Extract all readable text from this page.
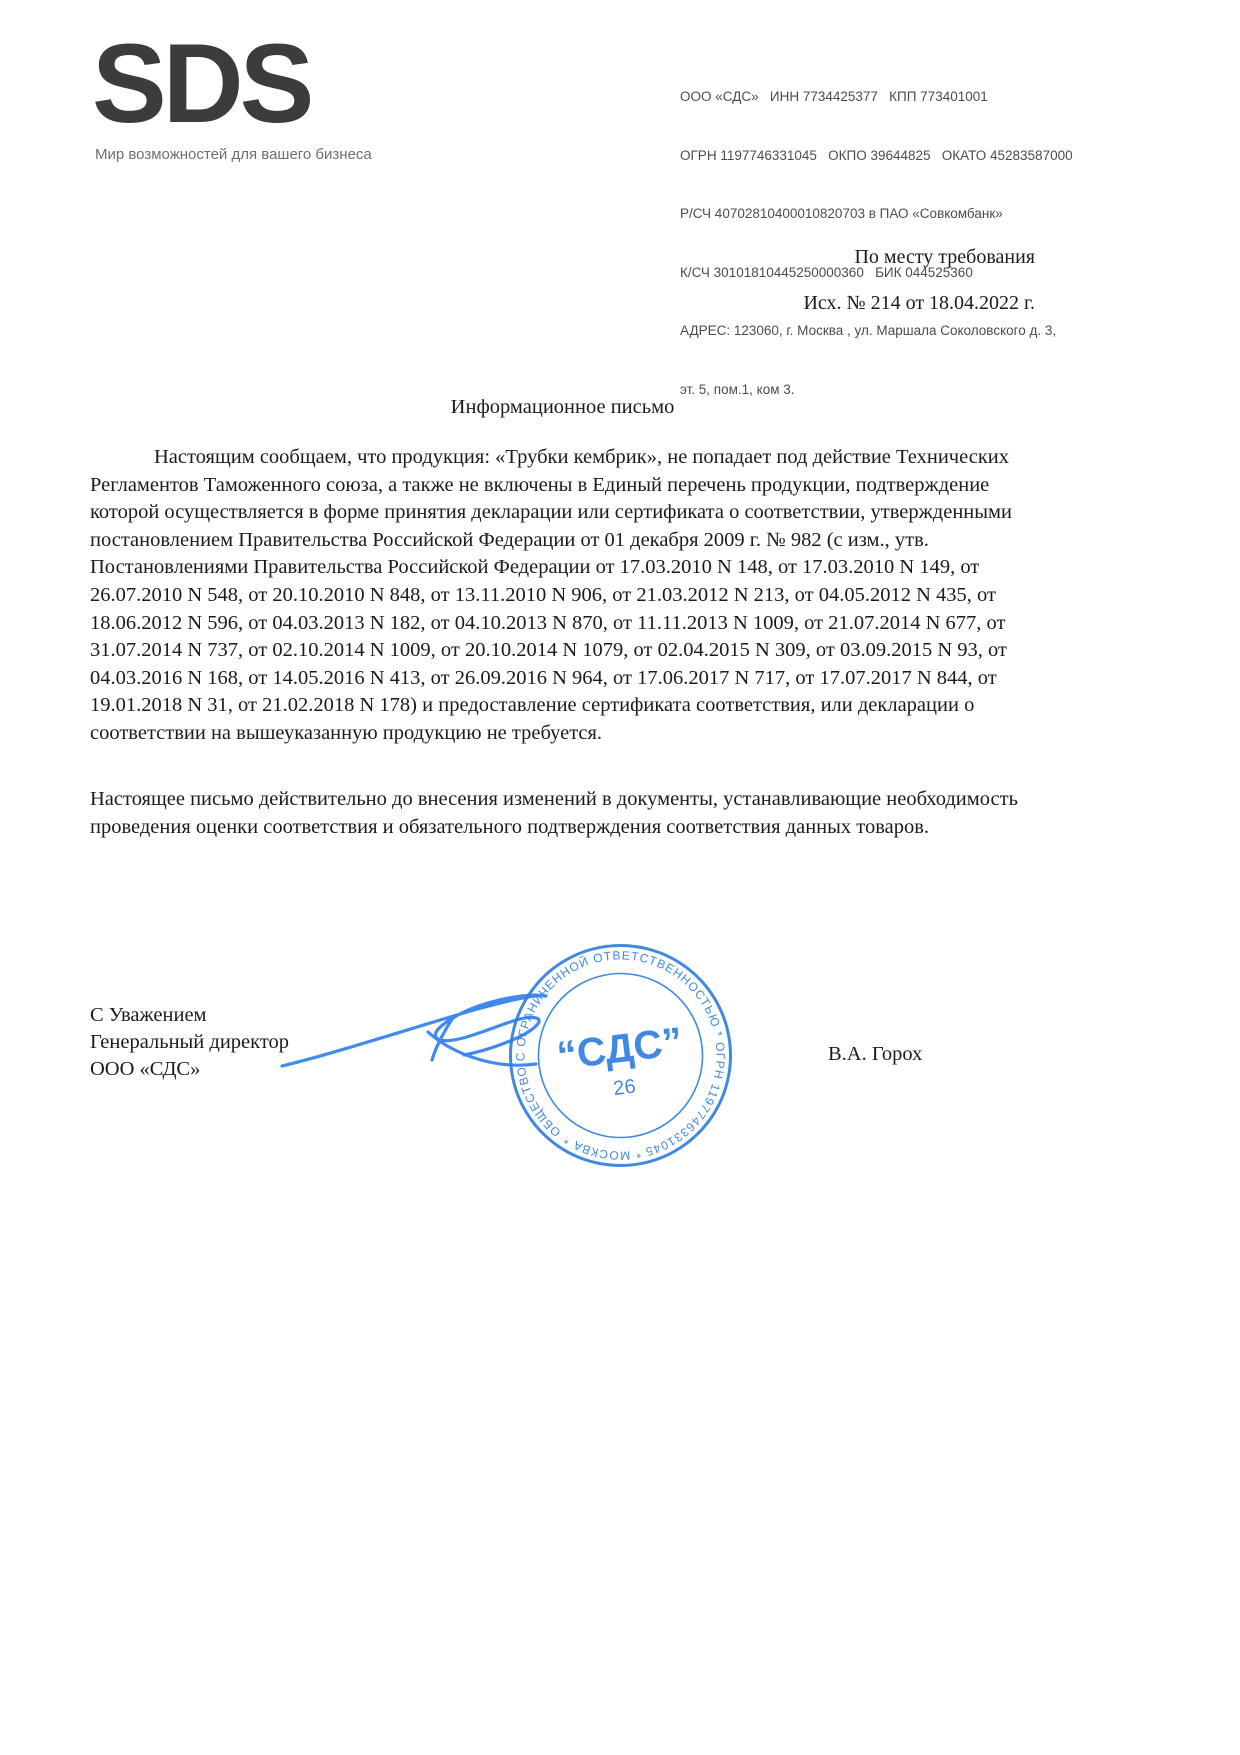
SDS
Мир возможностей для вашего бизнеса

ООО «СДС»   ИНН 7734425377   КПП 773401001

ОГРН 1197746331045   ОКПО 39644825   ОКАТО 45283587000

Р/СЧ 40702810400010820703 в ПАО «Совкомбанк»

К/СЧ 30101810445250000360   БИК 044525360

АДРЕС: 123060, г. Москва , ул. Маршала Соколовского д. 3,

эт. 5, пом.1, ком 3.

По месту требования
Исх. № 214 от 18.04.2022 г.
Информационное письмо
Настоящим сообщаем, что продукция: «Трубки кембрик», не попадает под действие Технических Регламентов Таможенного союза, а также не включены в Единый перечень продукции, подтверждение которой осуществляется в форме принятия декларации или сертификата о соответствии, утвержденными постановлением Правительства Российской Федерации от 01 декабря 2009 г. № 982 (с изм., утв. Постановлениями Правительства Российской Федерации от 17.03.2010 N 148, от 17.03.2010 N 149, от 26.07.2010 N 548, от 20.10.2010 N 848, от 13.11.2010 N 906, от 21.03.2012 N 213, от 04.05.2012 N 435, от 18.06.2012 N 596, от 04.03.2013 N 182, от 04.10.2013 N 870, от 11.11.2013 N 1009, от 21.07.2014 N 677, от 31.07.2014 N 737, от 02.10.2014 N 1009, от 20.10.2014 N 1079, от 02.04.2015 N 309, от 03.09.2015 N 93, от 04.03.2016 N 168, от 14.05.2016 N 413, от 26.09.2016 N 964, от 17.06.2017 N 717, от 17.07.2017 N 844, от 19.01.2018 N 31, от 21.02.2018 N 178) и предоставление сертификата соответствия, или декларации о соответствии на вышеуказанную продукцию не требуется.
Настоящее письмо действительно до внесения изменений в документы, устанавливающие необходимость проведения оценки соответствия и обязательного подтверждения соответствия данных товаров.
С Уважением
Генеральный директор
ООО «СДС»
ОБЩЕСТВО С ОГРАНИЧЕННОЙ ОТВЕТСТВЕННОСТЬЮ * ОГРН 1197746331045 * МОСКВА *
“СДС”
26
В.А. Горох
